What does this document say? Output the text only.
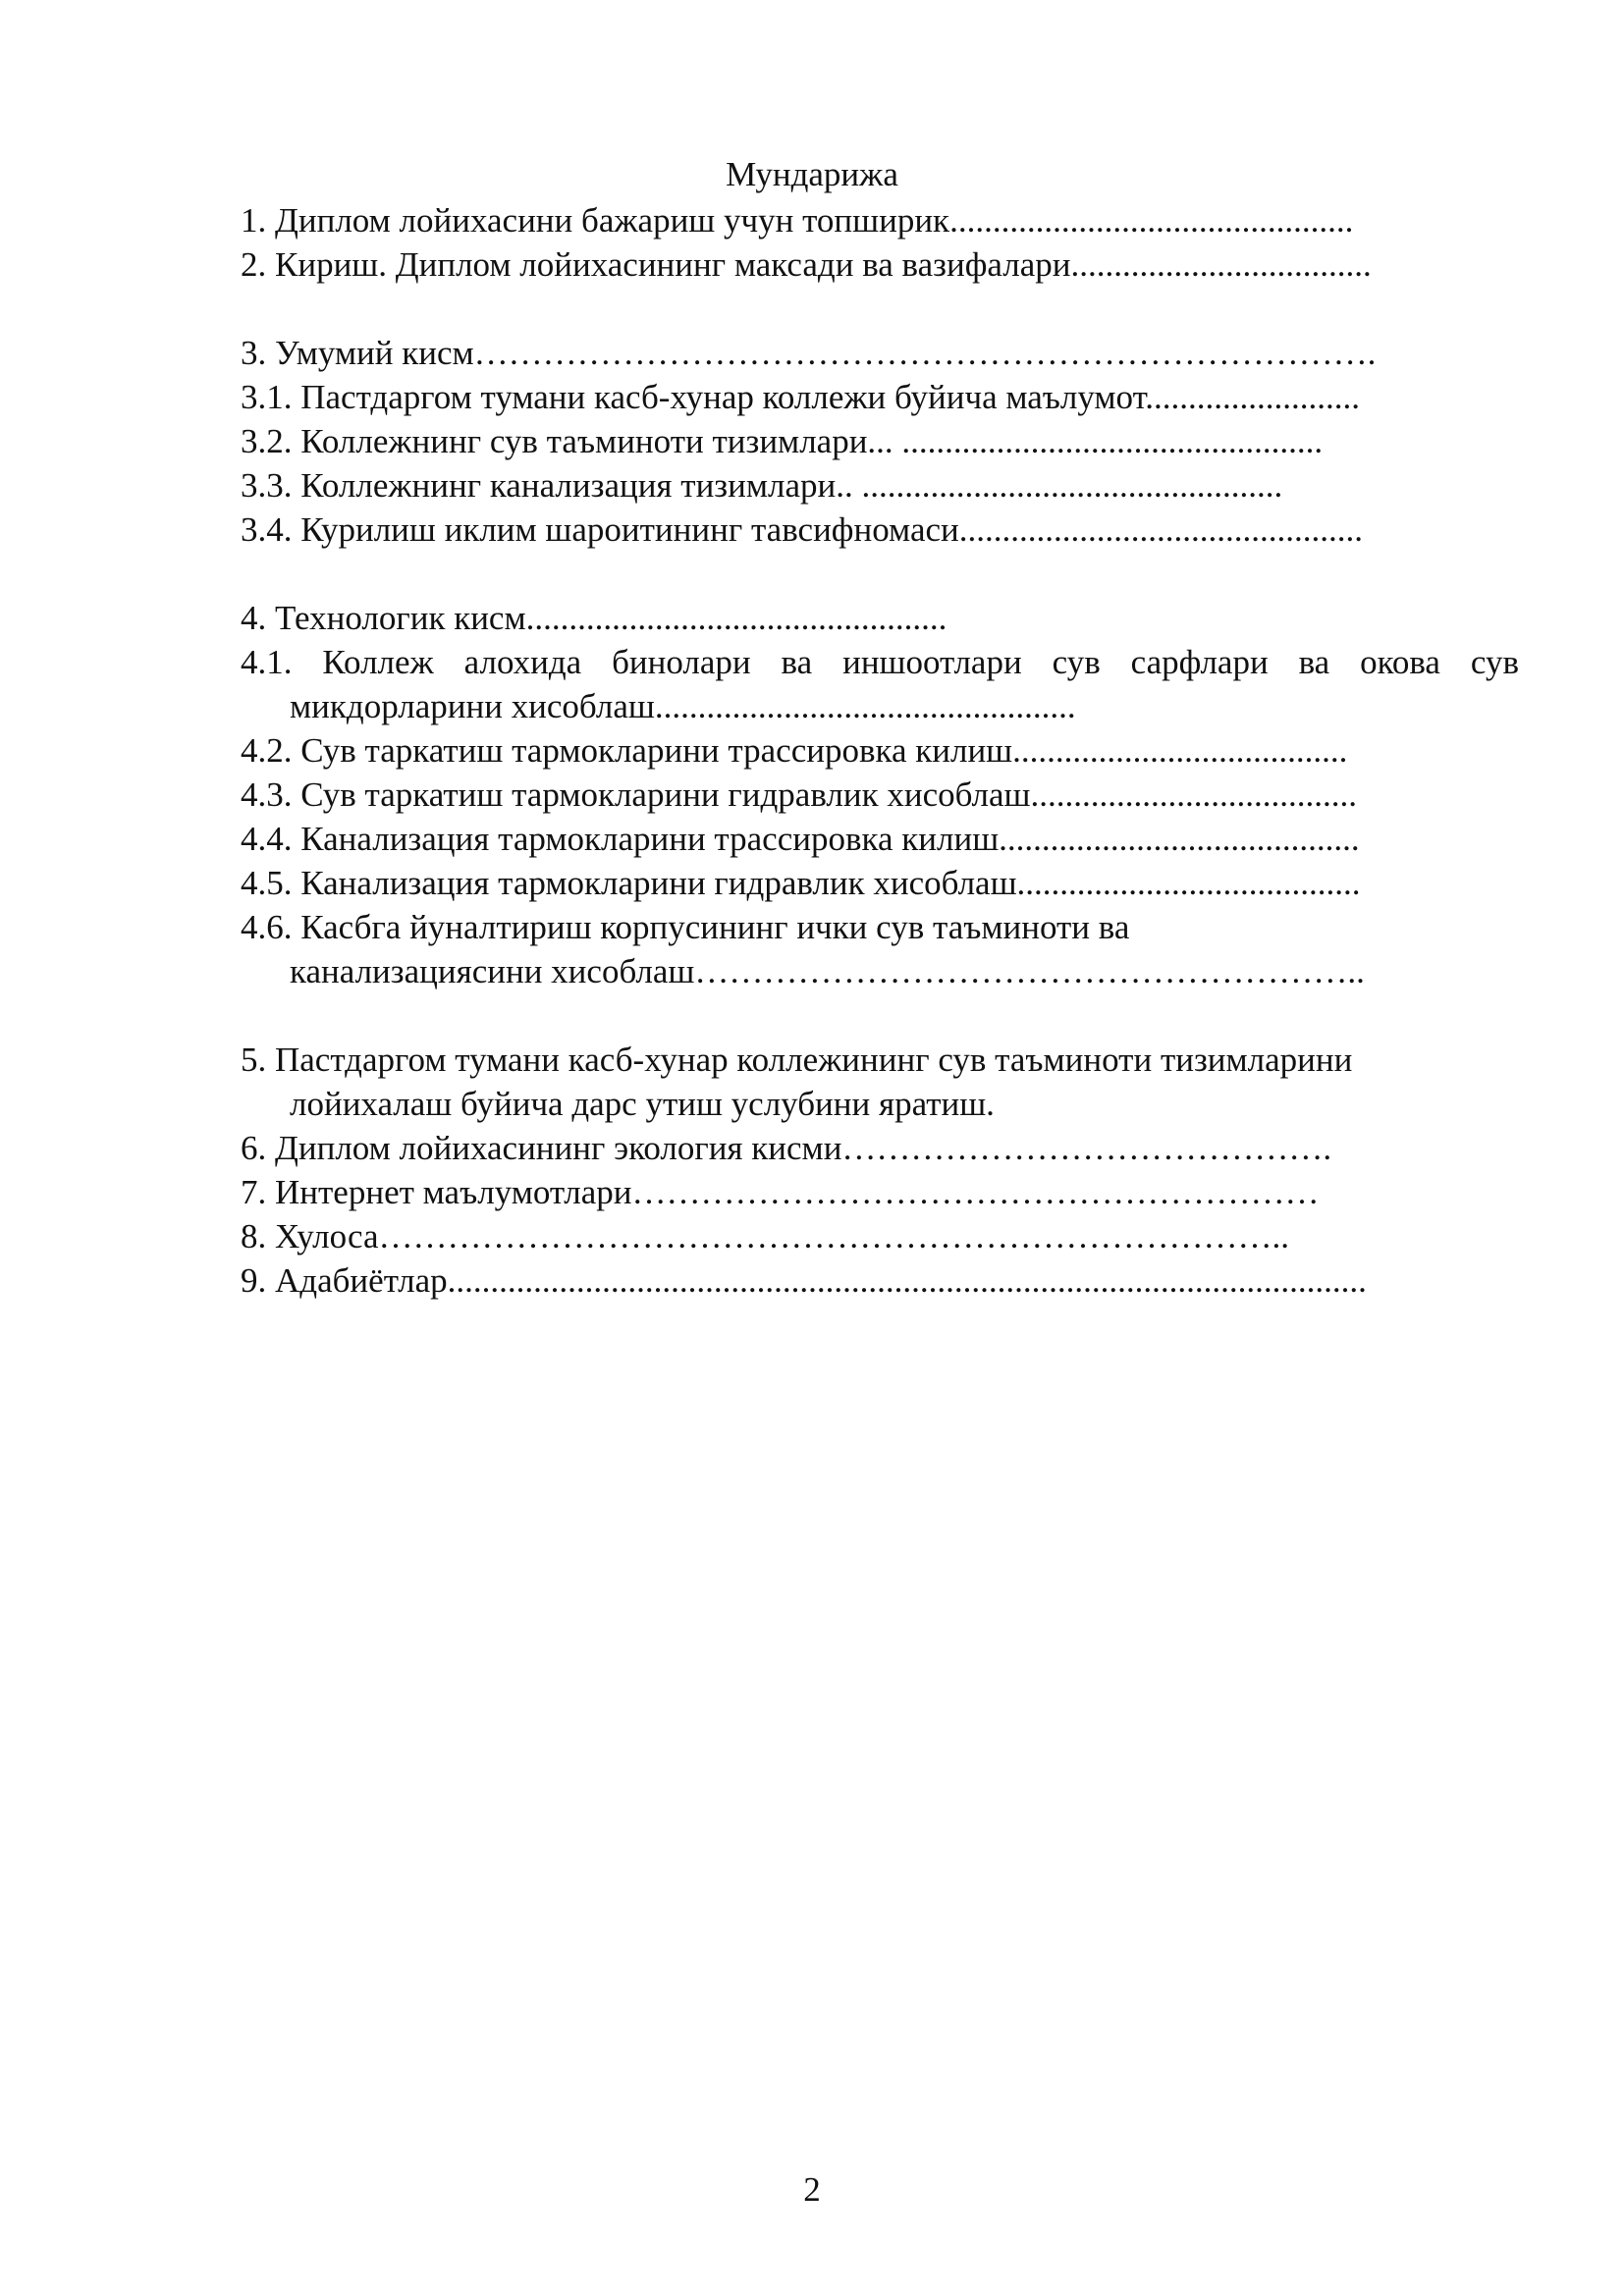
Мундарижа
1. Диплом лойихасини бажариш учун топширик...............................................
2. Кириш. Диплом лойихасининг максади ва вазифалари...................................
3. Умумий кисм…………………………………………………………………….
3.1. Пастдаргом тумани касб-хунар коллежи буйича маълумот.........................
3.2. Коллежнинг сув таъминоти тизимлари... .................................................
3.3. Коллежнинг канализация тизимлари.. .................................................
3.4. Курилиш иклим шароитининг тавсифномаси...............................................
4. Технологик кисм.................................................
4.1. Коллеж алохида бинолари ва иншоотлари сув сарфлари ва окова сув
микдорларини хисоблаш.................................................
4.2. Сув таркатиш тармокларини трассировка килиш.......................................
4.3. Сув таркатиш тармокларини гидравлик хисоблаш......................................
4.4. Канализация тармокларини трассировка килиш..........................................
4.5. Канализация тармокларини гидравлик хисоблаш........................................
4.6. Касбга йуналтириш корпусининг ички сув таъминоти ва
канализациясини хисоблаш…………………………………………………..
5. Пастдаргом тумани касб-хунар коллежининг сув таъминоти тизимларини
лойихалаш буйича дарс утиш услубини яратиш.
6. Диплом лойихасининг экология кисми…………………………………….
7. Интернет маълумотлари……………………………………………………
8. Хулоса……………………………………………………………………..
9. Адабиётлар...........................................................................................................
2
